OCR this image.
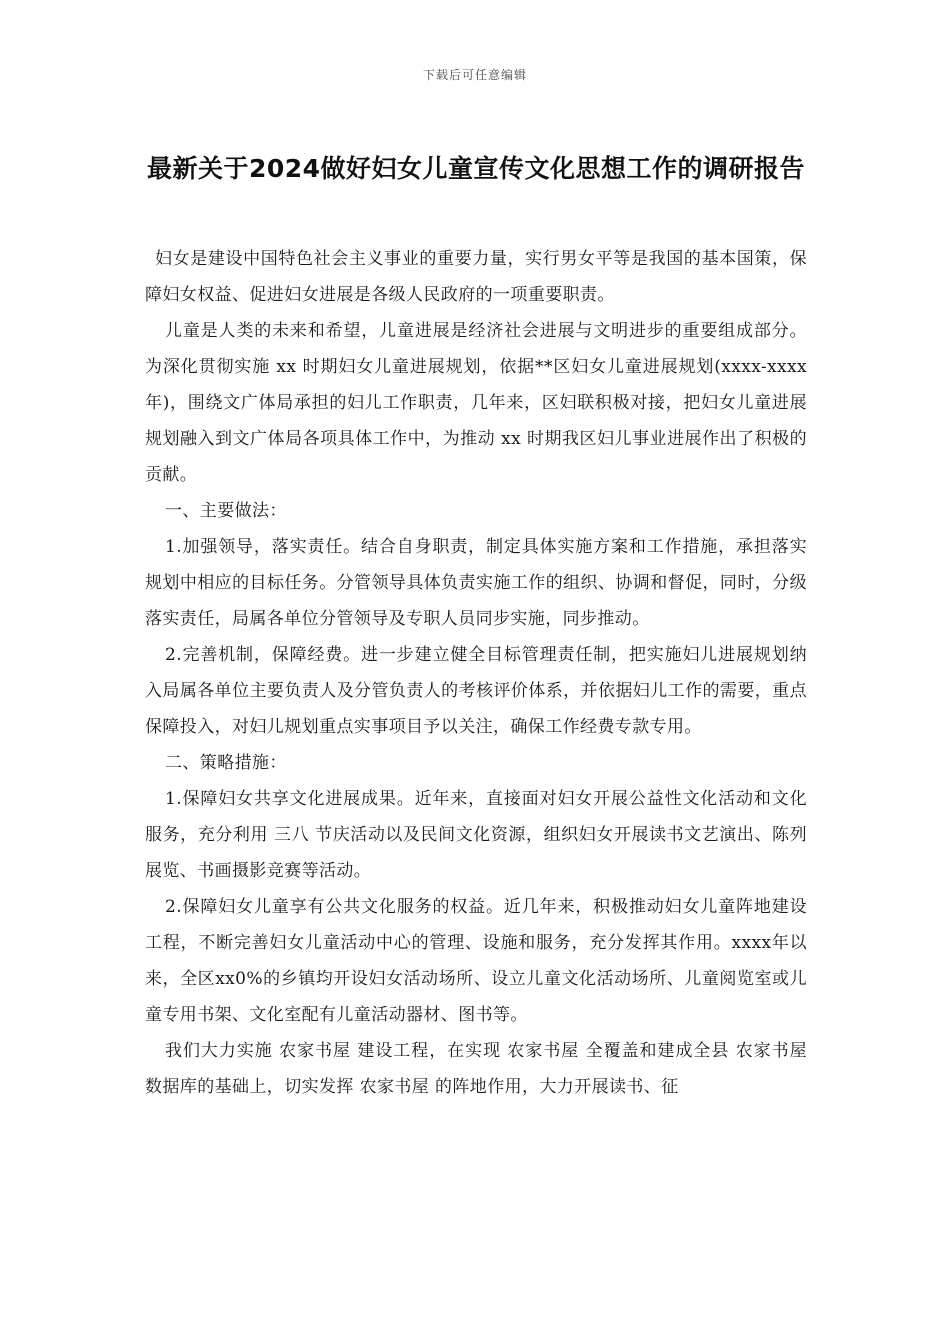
下载后可任意编辑
最新关于2024做好妇女儿童宣传文化思想工作的调研报告

妇女是建设中国特色社会主义事业的重要力量，实行男女平等是我国的基本国策，保障妇女权益、促进妇女进展是各级人民政府的一项重要职责。

儿童是人类的未来和希望，儿童进展是经济社会进展与文明进步的重要组成部分。为深化贯彻实施 xx 时期妇女儿童进展规划，依据**区妇女儿童进展规划(xxxx-xxxx年)，围绕文广体局承担的妇儿工作职责，几年来，区妇联积极对接，把妇女儿童进展规划融入到文广体局各项具体工作中，为推动 xx 时期我区妇儿事业进展作出了积极的贡献。

一、主要做法：

1.加强领导，落实责任。结合自身职责，制定具体实施方案和工作措施，承担落实规划中相应的目标任务。分管领导具体负责实施工作的组织、协调和督促，同时，分级落实责任，局属各单位分管领导及专职人员同步实施，同步推动。

2.完善机制，保障经费。进一步建立健全目标管理责任制，把实施妇儿进展规划纳入局属各单位主要负责人及分管负责人的考核评价体系，并依据妇儿工作的需要，重点保障投入，对妇儿规划重点实事项目予以关注，确保工作经费专款专用。

二、策略措施：

1.保障妇女共享文化进展成果。近年来，直接面对妇女开展公益性文化活动和文化服务，充分利用 三八 节庆活动以及民间文化资源，组织妇女开展读书文艺演出、陈列展览、书画摄影竞赛等活动。

2.保障妇女儿童享有公共文化服务的权益。近几年来，积极推动妇女儿童阵地建设工程，不断完善妇女儿童活动中心的管理、设施和服务，充分发挥其作用。xxxx年以来，全区xx0%的乡镇均开设妇女活动场所、设立儿童文化活动场所、儿童阅览室或儿童专用书架、文化室配有儿童活动器材、图书等。

我们大力实施 农家书屋 建设工程，在实现 农家书屋 全覆盖和建成全县 农家书屋 数据库的基础上，切实发挥 农家书屋 的阵地作用，大力开展读书、征
